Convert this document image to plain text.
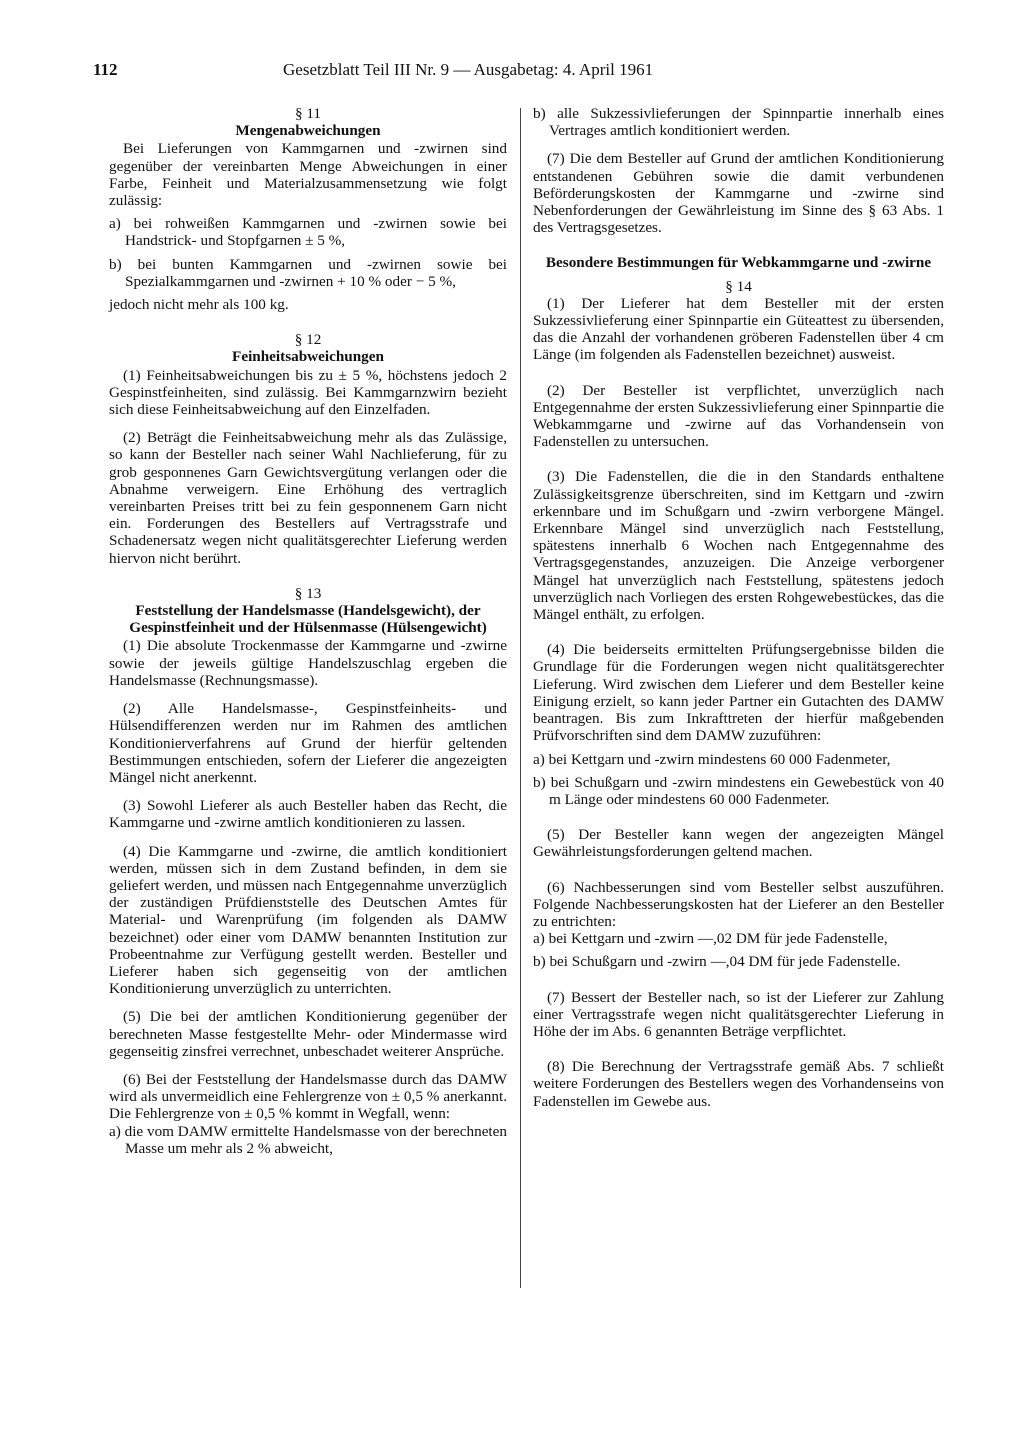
112	Gesetzblatt Teil III Nr. 9 — Ausgabetag: 4. April 1961

§ 11

Mengenabweichungen

Bei Lieferungen von Kammgarnen und -zwirnen sind gegenüber der vereinbarten Menge Abweichungen in einer Farbe, Feinheit und Materialzusammensetzung wie folgt zulässig:

a) bei rohweißen Kammgarnen und -zwirnen sowie bei Handstrick- und Stopfgarnen ± 5 %,

b) bei bunten Kammgarnen und -zwirnen sowie bei Spezialkammgarnen und -zwirnen + 10 % oder − 5 %,

jedoch nicht mehr als 100 kg.

§ 12

Feinheitsabweichungen

(1) Feinheitsabweichungen bis zu ± 5 %, höchstens jedoch 2 Gespinstfeinheiten, sind zulässig. Bei Kammgarnzwirn bezieht sich diese Feinheitsabweichung auf den Einzelfaden.

(2) Beträgt die Feinheitsabweichung mehr als das Zulässige, so kann der Besteller nach seiner Wahl Nachlieferung, für zu grob gesponnenes Garn Gewichtsvergütung verlangen oder die Abnahme verweigern. Eine Erhöhung des vertraglich vereinbarten Preises tritt bei zu fein gesponnenem Garn nicht ein. Forderungen des Bestellers auf Vertragsstrafe und Schadenersatz wegen nicht qualitätsgerechter Lieferung werden hiervon nicht berührt.

§ 13

Feststellung der Handelsmasse (Handelsgewicht), der Gespinstfeinheit und der Hülsenmasse (Hülsengewicht)

(1) Die absolute Trockenmasse der Kammgarne und -zwirne sowie der jeweils gültige Handelszuschlag ergeben die Handelsmasse (Rechnungsmasse).

(2) Alle Handelsmasse-, Gespinstfeinheits- und Hülsendifferenzen werden nur im Rahmen des amtlichen Konditionierverfahrens auf Grund der hierfür geltenden Bestimmungen entschieden, sofern der Lieferer die angezeigten Mängel nicht anerkennt.

(3) Sowohl Lieferer als auch Besteller haben das Recht, die Kammgarne und -zwirne amtlich konditionieren zu lassen.

(4) Die Kammgarne und -zwirne, die amtlich konditioniert werden, müssen sich in dem Zustand befinden, in dem sie geliefert werden, und müssen nach Entgegennahme unverzüglich der zuständigen Prüfdienststelle des Deutschen Amtes für Material- und Warenprüfung (im folgenden als DAMW bezeichnet) oder einer vom DAMW benannten Institution zur Probeentnahme zur Verfügung gestellt werden. Besteller und Lieferer haben sich gegenseitig von der amtlichen Konditionierung unverzüglich zu unterrichten.

(5) Die bei der amtlichen Konditionierung gegenüber der berechneten Masse festgestellte Mehr- oder Mindermasse wird gegenseitig zinsfrei verrechnet, unbeschadet weiterer Ansprüche.

(6) Bei der Feststellung der Handelsmasse durch das DAMW wird als unvermeidlich eine Fehlergrenze von ± 0,5 % anerkannt. Die Fehlergrenze von ± 0,5 % kommt in Wegfall, wenn:

a) die vom DAMW ermittelte Handelsmasse von der berechneten Masse um mehr als 2 % abweicht,

b) alle Sukzessivlieferungen der Spinnpartie innerhalb eines Vertrages amtlich konditioniert werden.

(7) Die dem Besteller auf Grund der amtlichen Konditionierung entstandenen Gebühren sowie die damit verbundenen Beförderungskosten der Kammgarne und -zwirne sind Nebenforderungen der Gewährleistung im Sinne des § 63 Abs. 1 des Vertragsgesetzes.

Besondere Bestimmungen für Webkammgarne und -zwirne

§ 14

(1) Der Lieferer hat dem Besteller mit der ersten Sukzessivlieferung einer Spinnpartie ein Güteattest zu übersenden, das die Anzahl der vorhandenen gröberen Fadenstellen über 4 cm Länge (im folgenden als Fadenstellen bezeichnet) ausweist.

(2) Der Besteller ist verpflichtet, unverzüglich nach Entgegennahme der ersten Sukzessivlieferung einer Spinnpartie die Webkammgarne und -zwirne auf das Vorhandensein von Fadenstellen zu untersuchen.

(3) Die Fadenstellen, die die in den Standards enthaltene Zulässigkeitsgrenze überschreiten, sind im Kettgarn und -zwirn erkennbare und im Schußgarn und -zwirn verborgene Mängel. Erkennbare Mängel sind unverzüglich nach Feststellung, spätestens innerhalb 6 Wochen nach Entgegennahme des Vertragsgegenstandes, anzuzeigen. Die Anzeige verborgener Mängel hat unverzüglich nach Feststellung, spätestens jedoch unverzüglich nach Vorliegen des ersten Rohgewebestückes, das die Mängel enthält, zu erfolgen.

(4) Die beiderseits ermittelten Prüfungsergebnisse bilden die Grundlage für die Forderungen wegen nicht qualitätsgerechter Lieferung. Wird zwischen dem Lieferer und dem Besteller keine Einigung erzielt, so kann jeder Partner ein Gutachten des DAMW beantragen. Bis zum Inkrafttreten der hierfür maßgebenden Prüfvorschriften sind dem DAMW zuzuführen:

a) bei Kettgarn und -zwirn mindestens 60 000 Fadenmeter,

b) bei Schußgarn und -zwirn mindestens ein Gewebestück von 40 m Länge oder mindestens 60 000 Fadenmeter.

(5) Der Besteller kann wegen der angezeigten Mängel Gewährleistungsforderungen geltend machen.

(6) Nachbesserungen sind vom Besteller selbst auszuführen. Folgende Nachbesserungskosten hat der Lieferer an den Besteller zu entrichten:

a) bei Kettgarn und -zwirn —,02 DM für jede Fadenstelle,

b) bei Schußgarn und -zwirn —,04 DM für jede Fadenstelle.

(7) Bessert der Besteller nach, so ist der Lieferer zur Zahlung einer Vertragsstrafe wegen nicht qualitätsgerechter Lieferung in Höhe der im Abs. 6 genannten Beträge verpflichtet.

(8) Die Berechnung der Vertragsstrafe gemäß Abs. 7 schließt weitere Forderungen des Bestellers wegen des Vorhandenseins von Fadenstellen im Gewebe aus.
